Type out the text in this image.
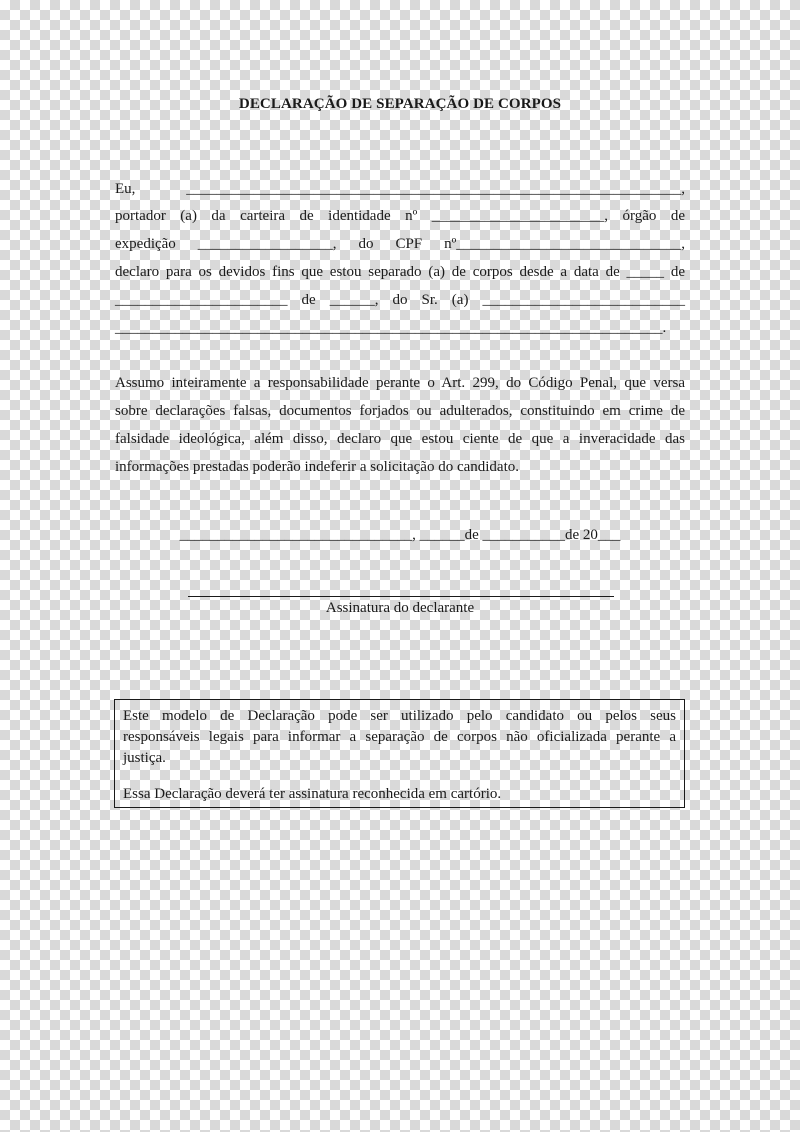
DECLARAÇÃO DE SEPARAÇÃO DE CORPOS
Eu, __________________________________________________________________,
portador (a) da carteira de identidade nº _______________________, órgão de
expedição __________________, do CPF nº______________________________,
declaro para os devidos fins que estou separado (a) de corpos desde a data de _____ de
_______________________ de ______, do Sr. (a) ___________________________
_________________________________________________________________________.
Assumo inteiramente a responsabilidade perante o Art. 299, do Código Penal, que versa
sobre declarações falsas, documentos forjados ou adulterados, constituindo em crime de
falsidade ideológica, além disso, declaro que estou ciente de que a inveracidade das
informações prestadas poderão indeferir a solicitação do candidato.
_______________________________, ______de ___________de 20___
Assinatura do declarante
Este modelo de Declaração pode ser utilizado pelo candidato ou pelos seus
responsáveis legais para informar a separação de corpos não oficializada perante a
justiça.
Essa Declaração deverá ter assinatura reconhecida em cartório.
